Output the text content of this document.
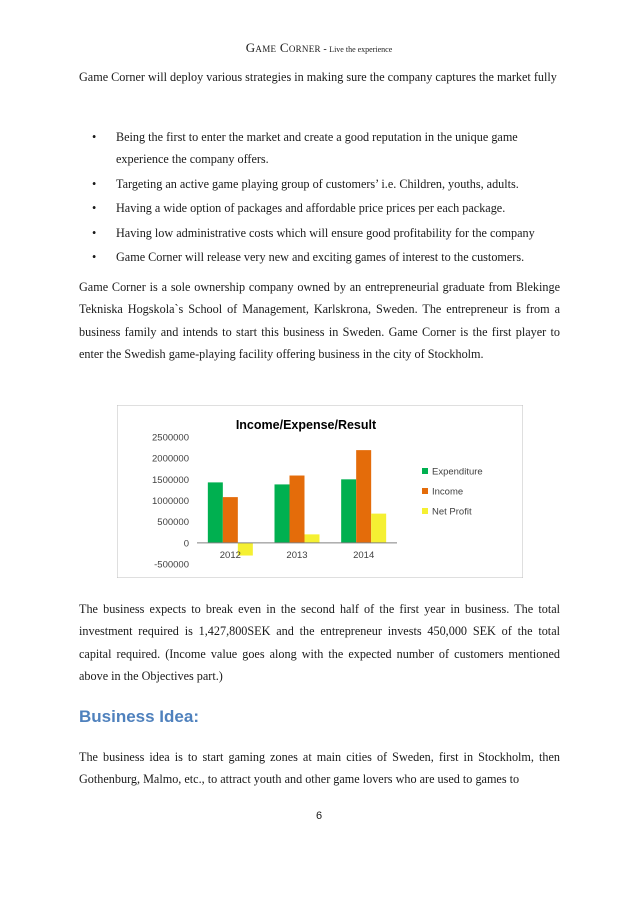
Game Corner - Live the experience

Game Corner will deploy various strategies in making sure the company captures the market fully

• Being the first to enter the market and create a good reputation in the unique game experience the company offers.
• Targeting an active game playing group of customers’ i.e. Children, youths, adults.
• Having a wide option of packages and affordable price prices per each package.
• Having low administrative costs which will ensure good profitability for the company
• Game Corner will release very new and exciting games of interest to the customers.

Game Corner is a sole ownership company owned by an entrepreneurial graduate from Blekinge Tekniska Hogskola`s School of Management, Karlskrona, Sweden. The entrepreneur is from a business family and intends to start this business in Sweden. Game Corner is the first player to enter the Swedish game-playing facility offering business in the city of Stockholm.

2500000
2000000
1500000
1000000
500000
0
-500000
2012	2013	2014
Expenditure
Income
Net Profit
Income/Expense/Result

The business expects to break even in the second half of the first year in business. The total investment required is 1,427,800SEK and the entrepreneur invests 450,000 SEK of the total capital required. (Income value goes along with the expected number of customers mentioned above in the Objectives part.)

Business Idea:

The business idea is to start gaming zones at main cities of Sweden, first in Stockholm, then Gothenburg, Malmo, etc., to attract youth and other game lovers who are used to games to

6
